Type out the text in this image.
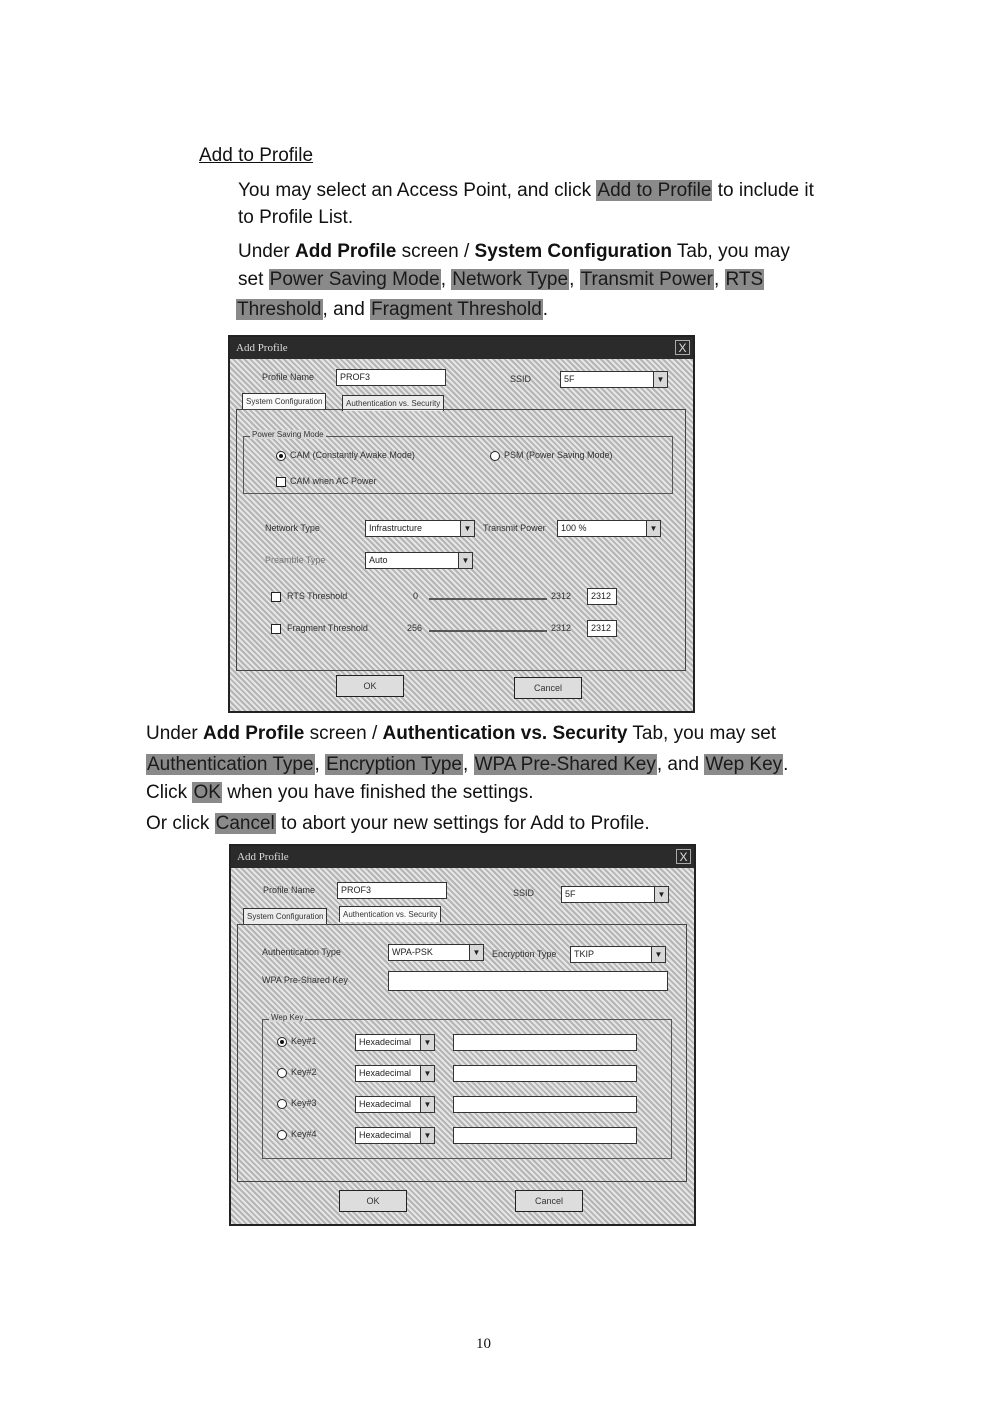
Add to Profile
You may select an Access Point, and click Add to Profile to include it
to Profile List.
Under Add Profile screen / System Configuration Tab, you may
set Power Saving Mode, Network Type, Transmit Power, RTS
Threshold, and Fragment Threshold.
Add Profile	X
Profile Name	PROF3	SSID	5F	▼
System Configuration	Authentication vs. Security
Power Saving Mode
CAM (Constantly Awake Mode)	PSM (Power Saving Mode)
CAM when AC Power
Network Type	Infrastructure	▼ Transmit Power	100 %	▼
Preamble Type	Auto	▼
RTS Threshold	0	2312	2312
Fragment Threshold	256	2312	2312
OK	Cancel
Under Add Profile screen / Authentication vs. Security Tab, you may set
Authentication Type, Encryption Type, WPA Pre-Shared Key, and Wep Key.
Click OK when you have finished the settings.
Or click Cancel to abort your new settings for Add to Profile.
Add Profile	X
Profile Name	PROF3	SSID	5F	▼
System Configuration	Authentication vs. Security
Authentication Type	WPA-PSK	▼ Encryption Type	TKIP	▼
WPA Pre-Shared Key
Wep Key
Key#1	Hexadecimal	▼
Key#2	Hexadecimal	▼
Key#3	Hexadecimal	▼
Key#4	Hexadecimal	▼
OK	Cancel
10
